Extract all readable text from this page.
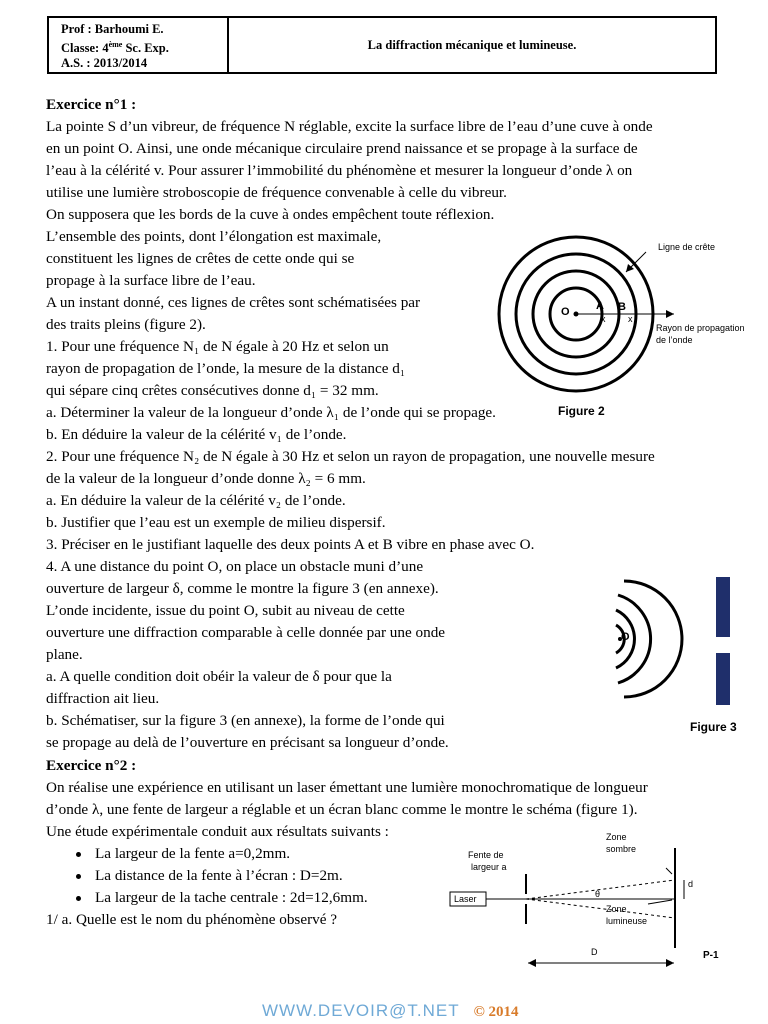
Prof : Barhoumi E.
Classe: 4ème Sc. Exp.
A.S. : 2013/2014
La diffraction mécanique et lumineuse.
Exercice n°1 :
La pointe S d’un vibreur, de fréquence N réglable, excite la surface libre de l’eau d’une cuve à onde
en un point O. Ainsi, une onde mécanique circulaire prend naissance et se propage à la surface de
l’eau à la célérité v. Pour assurer l’immobilité du phénomène et mesurer la longueur d’onde λ on
utilise une lumière stroboscopie de fréquence convenable à celle du vibreur.
On supposera que les bords de la cuve à ondes empêchent toute réflexion.
L’ensemble des points, dont l’élongation est maximale,
constituent les lignes de crêtes de cette onde qui se
propage à la surface libre de l’eau.
A un instant donné, ces lignes de crêtes sont schématisées par
des traits pleins (figure 2).
1. Pour une fréquence N₁ de N égale à 20 Hz et selon un
rayon de propagation de l’onde, la mesure de la distance d₁
qui sépare cinq crêtes consécutives donne d₁ = 32 mm.
a. Déterminer la valeur de la longueur d’onde λ₁ de l’onde qui se propage.
b. En déduire la valeur de la célérité v₁ de l’onde.
2. Pour une fréquence N₂ de N égale à 30 Hz et selon un rayon de propagation, une nouvelle mesure
de la valeur de la longueur d’onde donne λ₂ = 6 mm.
a. En déduire la valeur de la célérité v₂ de l’onde.
b. Justifier que l’eau est un exemple de milieu dispersif.
3. Préciser en le justifiant laquelle des deux points A et B vibre en phase avec O.
4. A une distance du point O, on place un obstacle muni d’une
ouverture de largeur δ, comme le montre la figure 3 (en annexe).
L’onde incidente, issue du point O, subit au niveau de cette
ouverture une diffraction comparable à celle donnée par une onde
plane.
a. A quelle condition doit obéir la valeur de δ pour que la
diffraction ait lieu.
b. Schématiser, sur la figure 3 (en annexe), la forme de l’onde qui
se propage au delà de l’ouverture en précisant sa longueur d’onde.
Exercice n°2 :
On réalise une expérience en utilisant un laser émettant une lumière monochromatique de longueur
d’onde λ, une fente de largeur a réglable et un écran blanc comme le montre le schéma (figure 1).
Une étude expérimentale conduit aux résultats suivants :
La largeur de la fente a=0,2mm.
La distance de la fente à l’écran : D=2m.
La largeur de la tache centrale : 2d=12,6mm.
1/ a. Quelle est le nom du phénomène observé ?
x	x
Ligne de crête
Rayon de propagation
de l’onde
O A B
Figure 2
O
Figure 3
Fente de
largeur a
Zone
sombre
Zone
lumineuse
Laser	θ
d
D	P-1
WWW.DEVOIR@T.NET © 2014
